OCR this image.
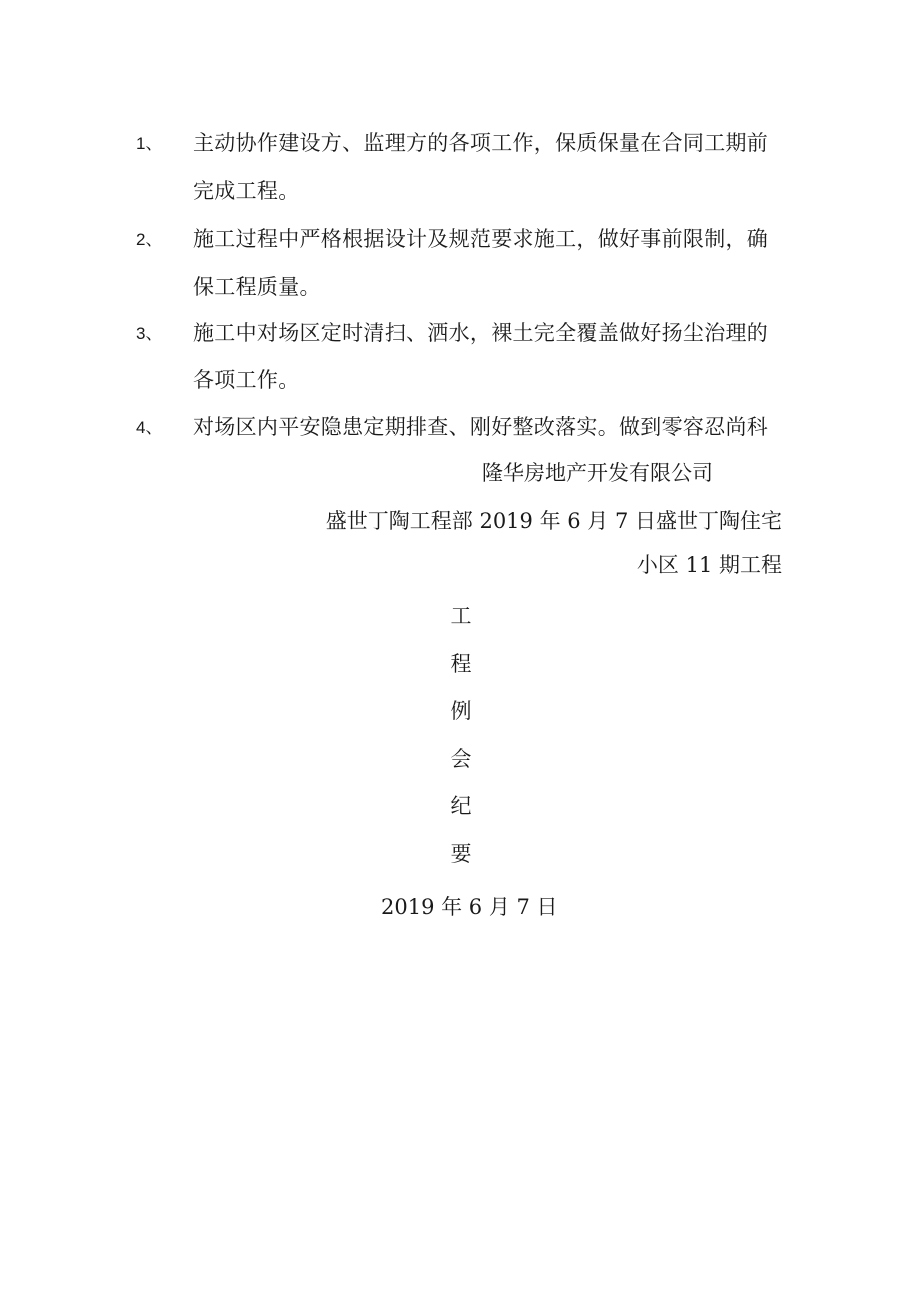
1、 主动协作建设方、监理方的各项工作，保质保量在合同工期前
完成工程。
2、 施工过程中严格根据设计及规范要求施工，做好事前限制，确
保工程质量。
3、 施工中对场区定时清扫、洒水，裸土完全覆盖做好扬尘治理的
各项工作。
4、 对场区内平安隐患定期排查、刚好整改落实。做到零容忍尚科
隆华房地产开发有限公司
盛世丁陶工程部 2019 年 6 月 7 日盛世丁陶住宅
小区 11 期工程
工
程
例
会
纪
要
2019 年 6 月 7 日
